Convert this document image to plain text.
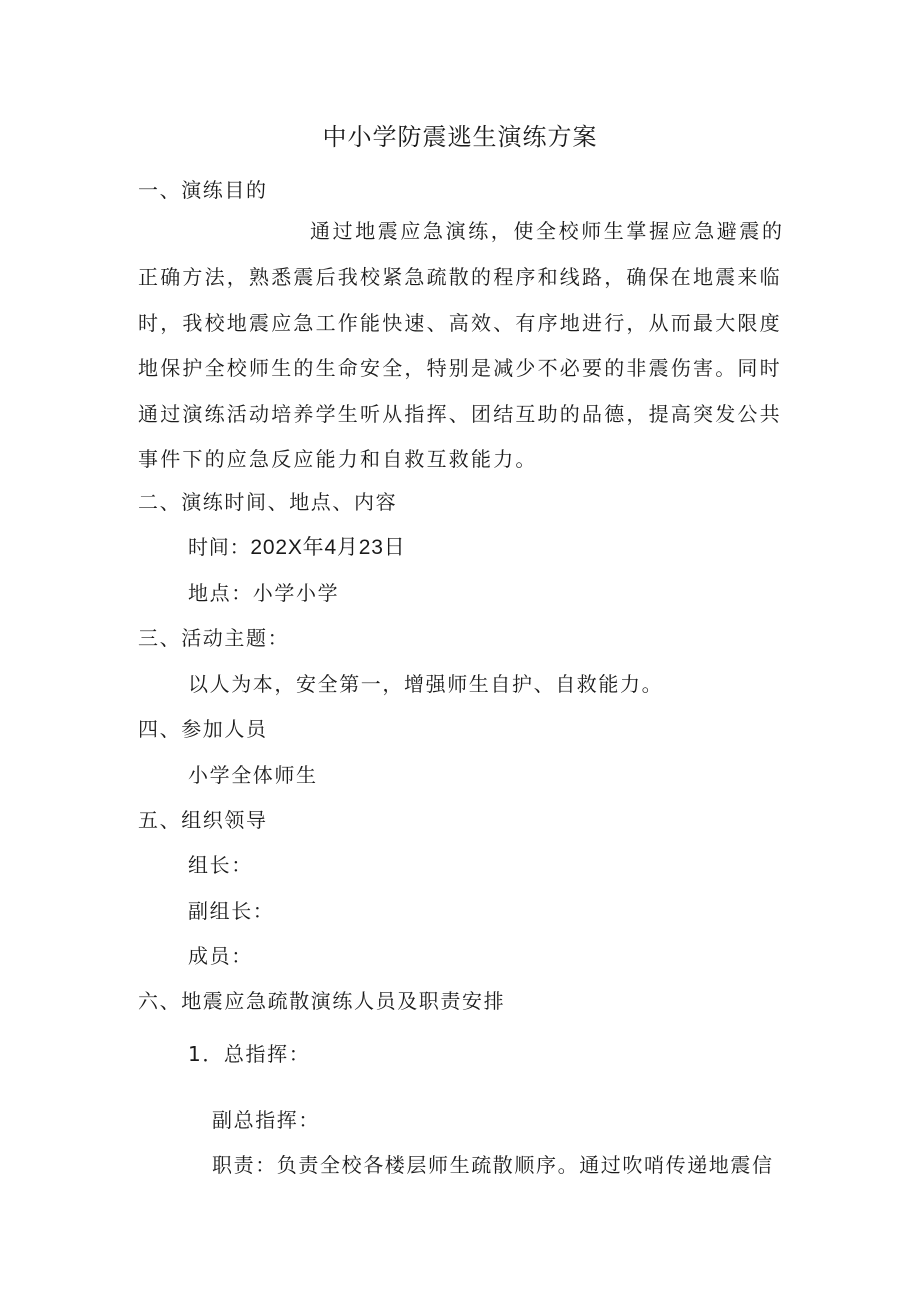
中小学防震逃生演练方案

一、演练目的

通过地震应急演练，使全校师生掌握应急避震的

正确方法，熟悉震后我校紧急疏散的程序和线路，确保在地震来临

时，我校地震应急工作能快速、高效、有序地进行，从而最大限度

地保护全校师生的生命安全，特别是减少不必要的非震伤害。同时

通过演练活动培养学生听从指挥、团结互助的品德，提高突发公共

事件下的应急反应能力和自救互救能力。

二、演练时间、地点、内容

时间：202X年4月23日

地点：小学小学

三、活动主题：

以人为本，安全第一，增强师生自护、自救能力。

四、参加人员

小学全体师生

五、组织领导

组长：

副组长：

成员：

六、地震应急疏散演练人员及职责安排

1．总指挥：

副总指挥：

职责：负责全校各楼层师生疏散顺序。通过吹哨传递地震信
